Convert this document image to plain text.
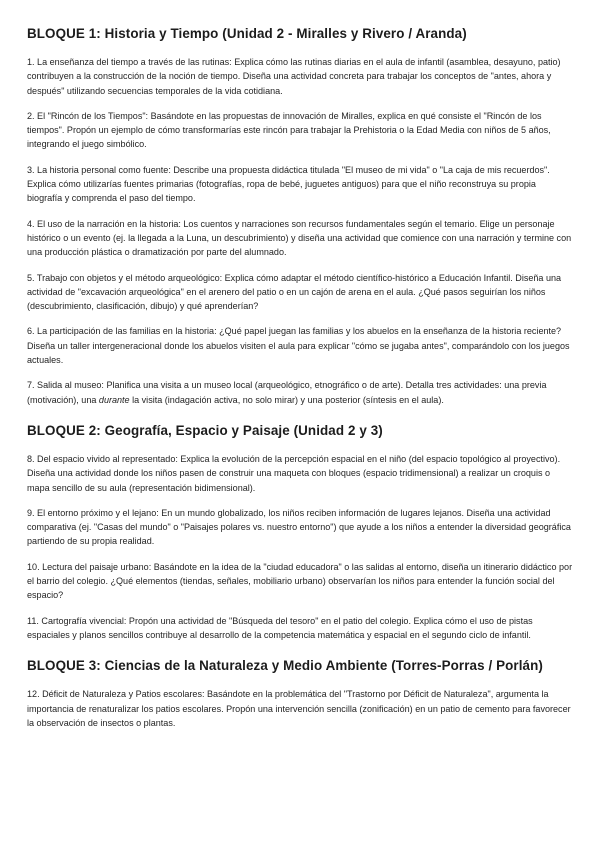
BLOQUE 1: Historia y Tiempo (Unidad 2 - Miralles y Rivero / Aranda)

1. La enseñanza del tiempo a través de las rutinas: Explica cómo las rutinas diarias en el aula de infantil (asamblea, desayuno, patio) contribuyen a la construcción de la noción de tiempo. Diseña una actividad concreta para trabajar los conceptos de "antes, ahora y después" utilizando secuencias temporales de la vida cotidiana.

2. El "Rincón de los Tiempos": Basándote en las propuestas de innovación de Miralles, explica en qué consiste el "Rincón de los tiempos". Propón un ejemplo de cómo transformarías este rincón para trabajar la Prehistoria o la Edad Media con niños de 5 años, integrando el juego simbólico.

3. La historia personal como fuente: Describe una propuesta didáctica titulada "El museo de mi vida" o "La caja de mis recuerdos". Explica cómo utilizarías fuentes primarias (fotografías, ropa de bebé, juguetes antiguos) para que el niño reconstruya su propia biografía y comprenda el paso del tiempo.

4. El uso de la narración en la historia: Los cuentos y narraciones son recursos fundamentales según el temario. Elige un personaje histórico o un evento (ej. la llegada a la Luna, un descubrimiento) y diseña una actividad que comience con una narración y termine con una producción plástica o dramatización por parte del alumnado.

5. Trabajo con objetos y el método arqueológico: Explica cómo adaptar el método científico-histórico a Educación Infantil. Diseña una actividad de "excavación arqueológica" en el arenero del patio o en un cajón de arena en el aula. ¿Qué pasos seguirían los niños (descubrimiento, clasificación, dibujo) y qué aprenderían?

6. La participación de las familias en la historia: ¿Qué papel juegan las familias y los abuelos en la enseñanza de la historia reciente? Diseña un taller intergeneracional donde los abuelos visiten el aula para explicar "cómo se jugaba antes", comparándolo con los juegos actuales.

7. Salida al museo: Planifica una visita a un museo local (arqueológico, etnográfico o de arte). Detalla tres actividades: una previa (motivación), una durante la visita (indagación activa, no solo mirar) y una posterior (síntesis en el aula).

BLOQUE 2: Geografía, Espacio y Paisaje (Unidad 2 y 3)

8. Del espacio vivido al representado: Explica la evolución de la percepción espacial en el niño (del espacio topológico al proyectivo). Diseña una actividad donde los niños pasen de construir una maqueta con bloques (espacio tridimensional) a realizar un croquis o mapa sencillo de su aula (representación bidimensional).

9. El entorno próximo y el lejano: En un mundo globalizado, los niños reciben información de lugares lejanos. Diseña una actividad comparativa (ej. "Casas del mundo" o "Paisajes polares vs. nuestro entorno") que ayude a los niños a entender la diversidad geográfica partiendo de su propia realidad.

10. Lectura del paisaje urbano: Basándote en la idea de la "ciudad educadora" o las salidas al entorno, diseña un itinerario didáctico por el barrio del colegio. ¿Qué elementos (tiendas, señales, mobiliario urbano) observarían los niños para entender la función social del espacio?

11. Cartografía vivencial: Propón una actividad de "Búsqueda del tesoro" en el patio del colegio. Explica cómo el uso de pistas espaciales y planos sencillos contribuye al desarrollo de la competencia matemática y espacial en el segundo ciclo de infantil.

BLOQUE 3: Ciencias de la Naturaleza y Medio Ambiente (Torres-Porras / Porlán)

12. Déficit de Naturaleza y Patios escolares: Basándote en la problemática del "Trastorno por Déficit de Naturaleza", argumenta la importancia de renaturalizar los patios escolares. Propón una intervención sencilla (zonificación) en un patio de cemento para favorecer la observación de insectos o plantas.
